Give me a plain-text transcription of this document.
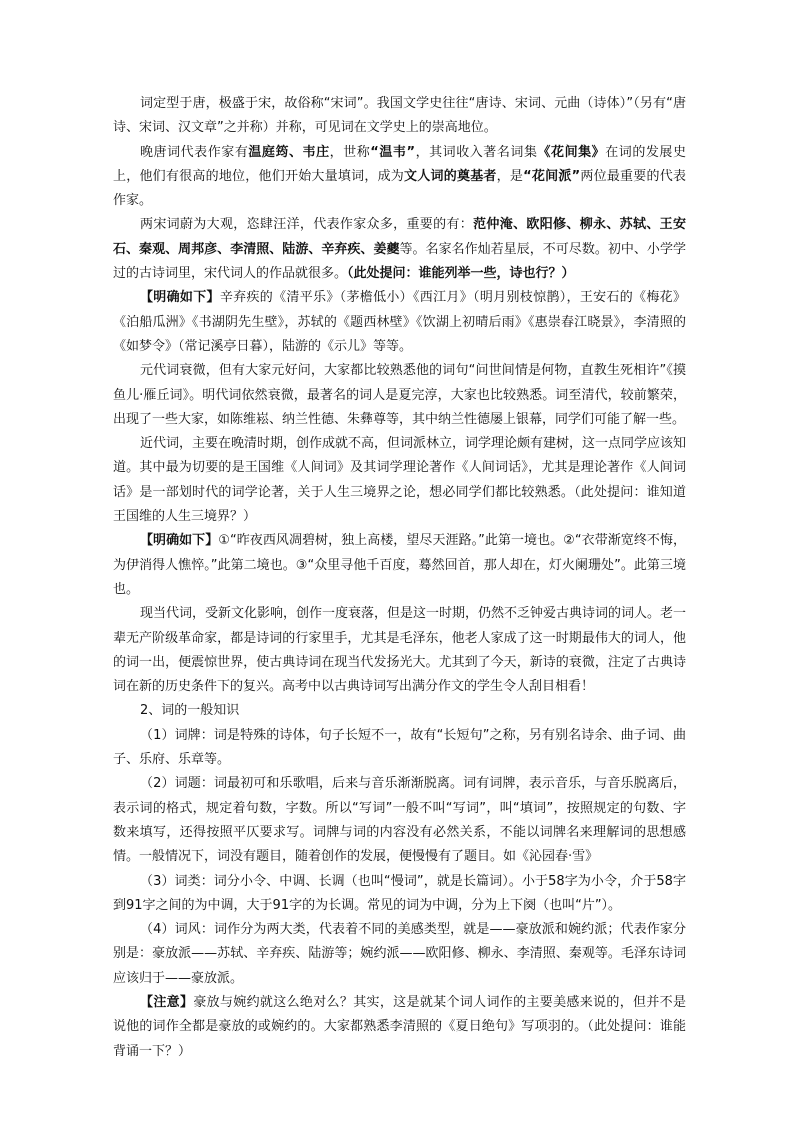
词定型于唐，极盛于宋，故俗称“宋词”。我国文学史往往“唐诗、宋词、元曲（诗体）”（另有“唐诗、宋词、汉文章”之并称）并称，可见词在文学史上的崇高地位。

晚唐词代表作家有温庭筠、韦庄，世称“温韦”，其词收入著名词集《花间集》在词的发展史上，他们有很高的地位，他们开始大量填词，成为文人词的奠基者，是“花间派”两位最重要的代表作家。

两宋词蔚为大观，恣肆汪洋，代表作家众多，重要的有：范仲淹、欧阳修、柳永、苏轼、王安石、秦观、周邦彦、李清照、陆游、辛弃疾、姜夔等。名家名作灿若星辰，不可尽数。初中、小学学过的古诗词里，宋代词人的作品就很多。（此处提问：谁能列举一些，诗也行？）

【明确如下】辛弃疾的《清平乐》（茅檐低小）《西江月》（明月别枝惊鹊），王安石的《梅花》《泊船瓜洲》《书湖阴先生壁》，苏轼的《题西林壁》《饮湖上初晴后雨》《惠崇春江晓景》，李清照的《如梦令》（常记溪亭日暮），陆游的《示儿》等等。

元代词衰微，但有大家元好问，大家都比较熟悉他的词句“问世间情是何物，直教生死相许”《摸鱼儿·雁丘词》。明代词依然衰微，最著名的词人是夏完淳，大家也比较熟悉。词至清代，较前繁荣，出现了一些大家，如陈维崧、纳兰性德、朱彝尊等，其中纳兰性德屡上银幕，同学们可能了解一些。

近代词，主要在晚清时期，创作成就不高，但词派林立，词学理论颇有建树，这一点同学应该知道。其中最为切要的是王国维《人间词》及其词学理论著作《人间词话》，尤其是理论著作《人间词话》是一部划时代的词学论著，关于人生三境界之论，想必同学们都比较熟悉。（此处提问：谁知道王国维的人生三境界？）

【明确如下】①“昨夜西风凋碧树，独上高楼，望尽天涯路。”此第一境也。②“衣带渐宽终不悔，为伊消得人憔悴。”此第二境也。③“众里寻他千百度，蓦然回首，那人却在，灯火阑珊处”。此第三境也。

现当代词，受新文化影响，创作一度衰落，但是这一时期，仍然不乏钟爱古典诗词的词人。老一辈无产阶级革命家，都是诗词的行家里手，尤其是毛泽东，他老人家成了这一时期最伟大的词人，他的词一出，便震惊世界，使古典诗词在现当代发扬光大。尤其到了今天，新诗的衰微，注定了古典诗词在新的历史条件下的复兴。高考中以古典诗词写出满分作文的学生令人刮目相看！

2、词的一般知识

（1）词牌：词是特殊的诗体，句子长短不一，故有“长短句”之称，另有别名诗余、曲子词、曲子、乐府、乐章等。

（2）词题：词最初可和乐歌唱，后来与音乐渐渐脱离。词有词牌，表示音乐，与音乐脱离后，表示词的格式，规定着句数，字数。所以“写词”一般不叫“写词”，叫“填词”，按照规定的句数、字数来填写，还得按照平仄要求写。词牌与词的内容没有必然关系，不能以词牌名来理解词的思想感情。一般情况下，词没有题目，随着创作的发展，便慢慢有了题目。如《沁园春·雪》

（3）词类：词分小令、中调、长调（也叫“慢词”，就是长篇词）。小于58字为小令，介于58字到91字之间的为中调，大于91字的为长调。常见的词为中调，分为上下阕（也叫“片”）。

（4）词风：词作分为两大类，代表着不同的美感类型，就是——豪放派和婉约派；代表作家分别是：豪放派——苏轼、辛弃疾、陆游等；婉约派——欧阳修、柳永、李清照、秦观等。毛泽东诗词应该归于——豪放派。

【注意】豪放与婉约就这么绝对么？其实，这是就某个词人词作的主要美感来说的，但并不是说他的词作全都是豪放的或婉约的。大家都熟悉李清照的《夏日绝句》写项羽的。（此处提问：谁能背诵一下？）
